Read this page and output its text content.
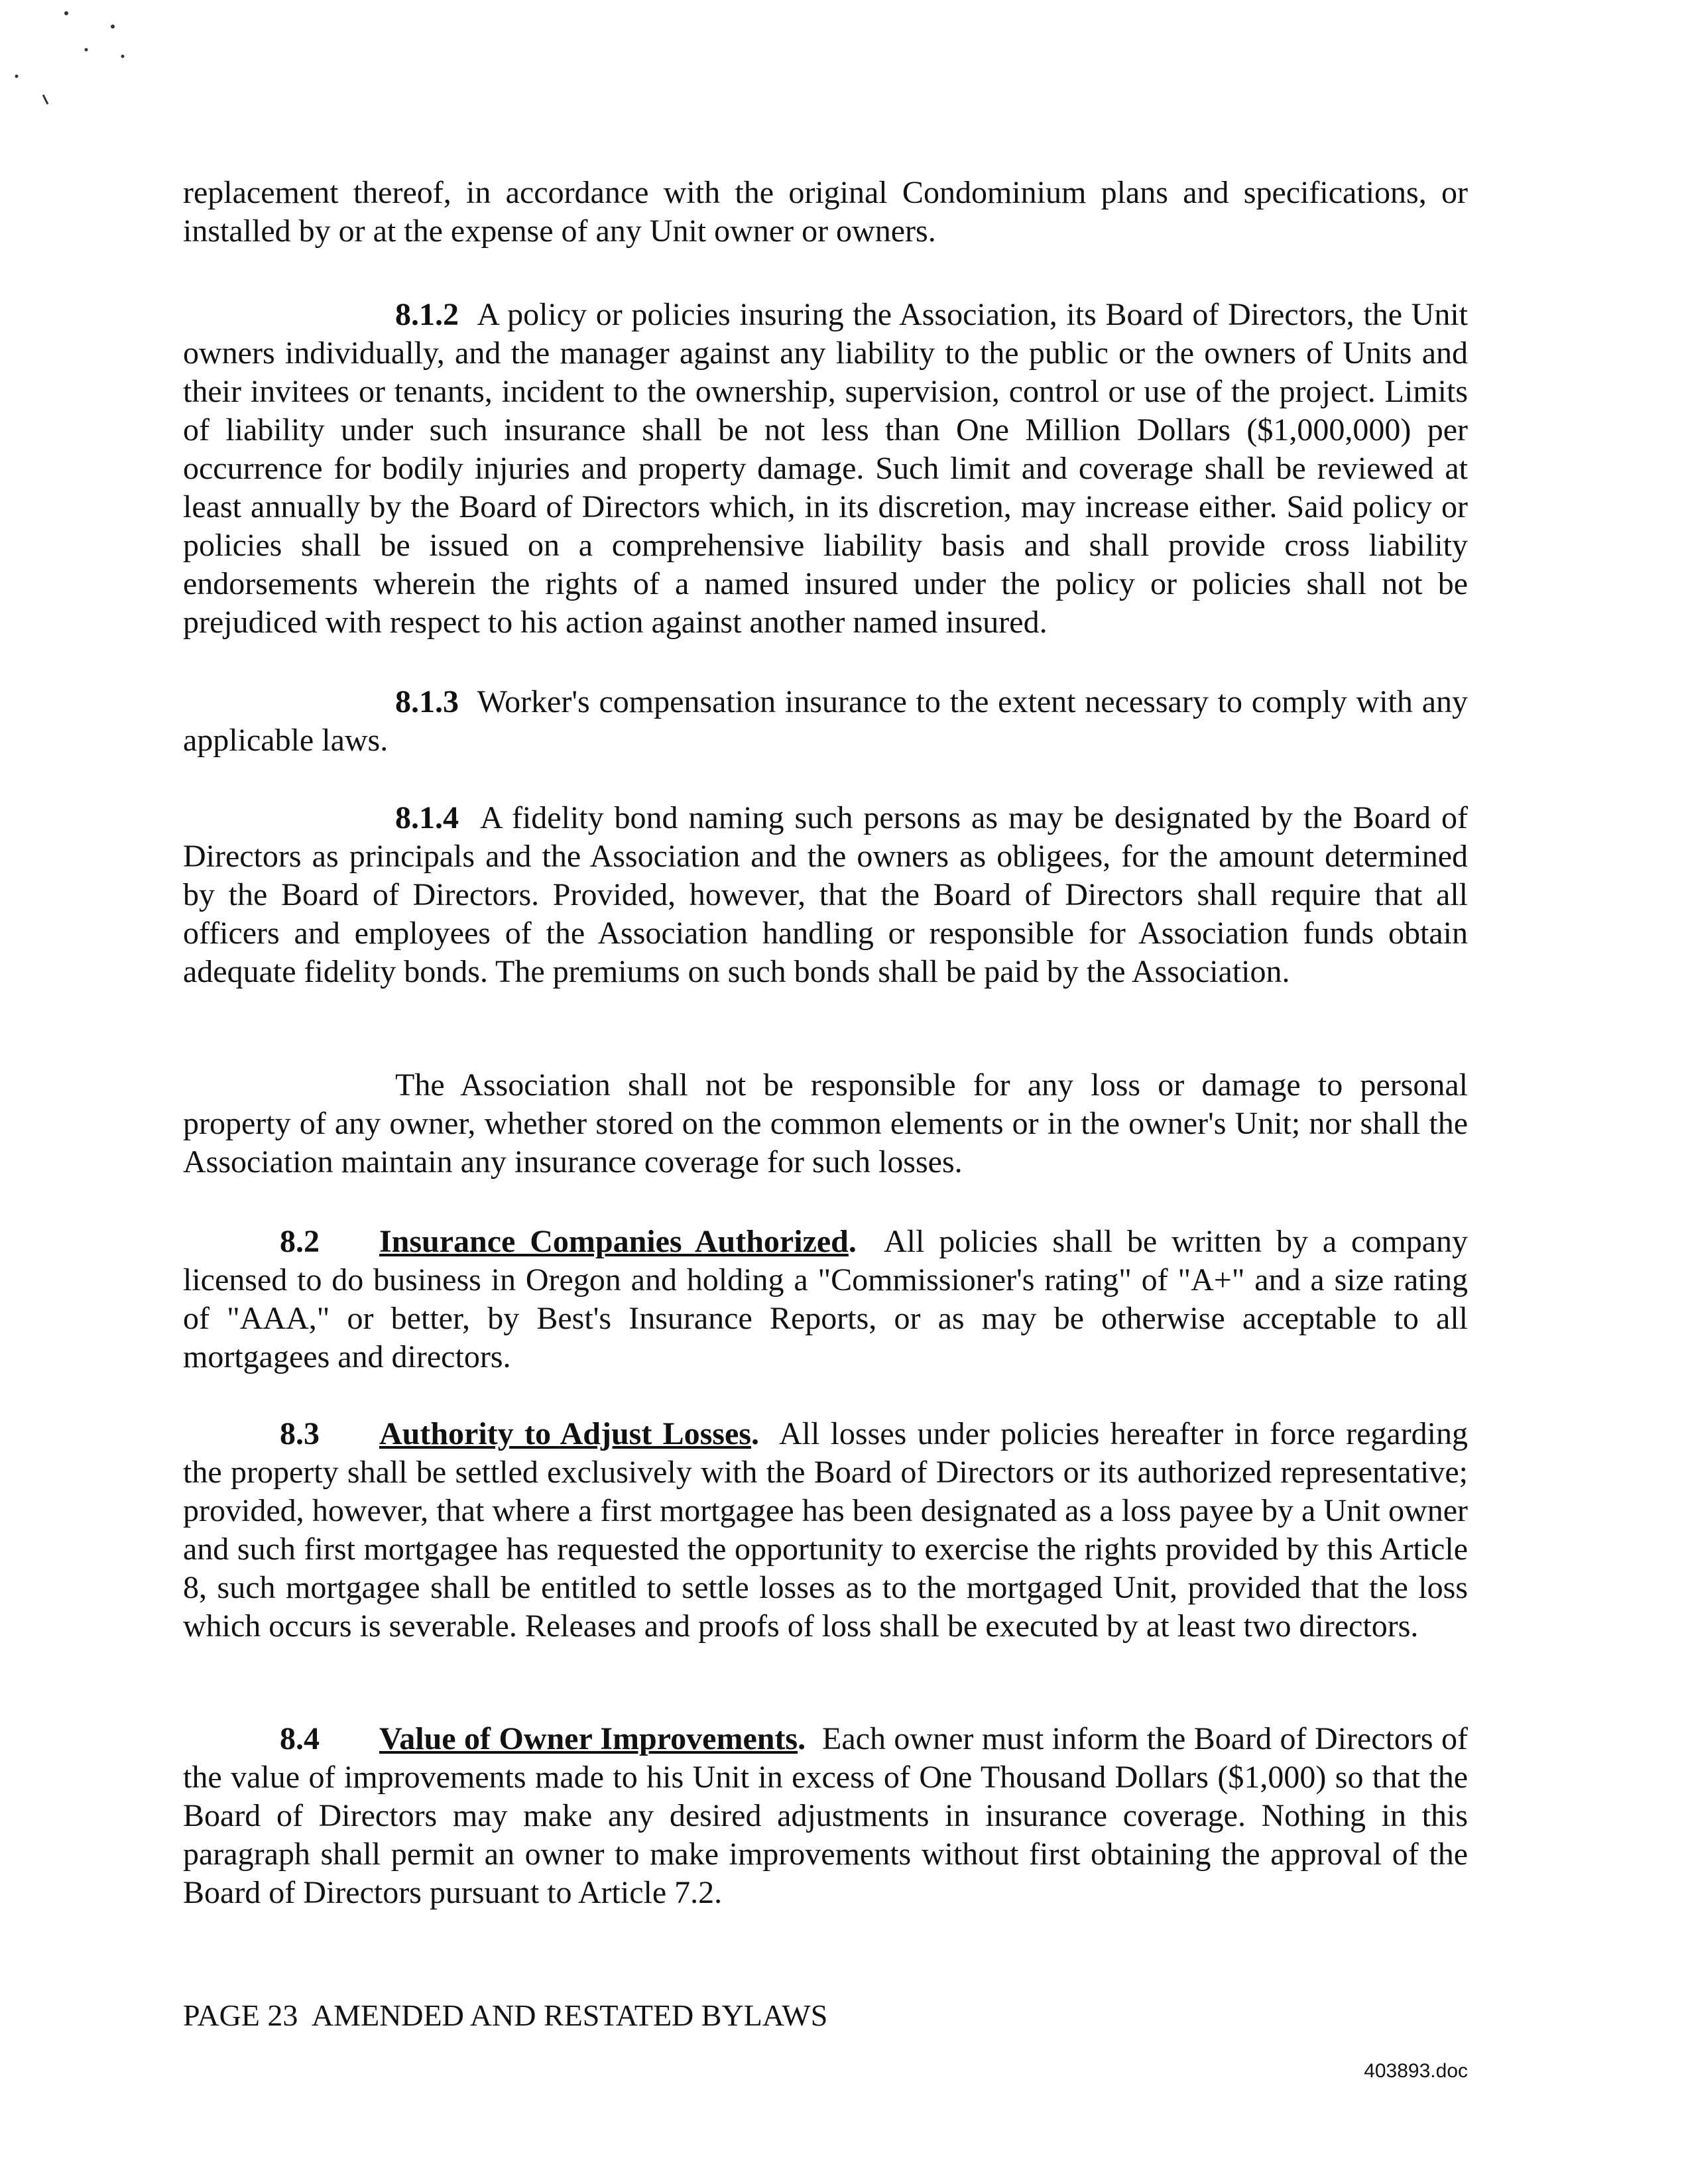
replacement thereof, in accordance with the original Condominium plans and specifications, or installed by or at the expense of any Unit owner or owners.

8.1.2 A policy or policies insuring the Association, its Board of Directors, the Unit owners individually, and the manager against any liability to the public or the owners of Units and their invitees or tenants, incident to the ownership, supervision, control or use of the project. Limits of liability under such insurance shall be not less than One Million Dollars ($1,000,000) per occurrence for bodily injuries and property damage. Such limit and coverage shall be reviewed at least annually by the Board of Directors which, in its discretion, may increase either. Said policy or policies shall be issued on a comprehensive liability basis and shall provide cross liability endorsements wherein the rights of a named insured under the policy or policies shall not be prejudiced with respect to his action against another named insured.

8.1.3 Worker's compensation insurance to the extent necessary to comply with any applicable laws.

8.1.4 A fidelity bond naming such persons as may be designated by the Board of Directors as principals and the Association and the owners as obligees, for the amount determined by the Board of Directors. Provided, however, that the Board of Directors shall require that all officers and employees of the Association handling or responsible for Association funds obtain adequate fidelity bonds. The premiums on such bonds shall be paid by the Association.

The Association shall not be responsible for any loss or damage to personal property of any owner, whether stored on the common elements or in the owner's Unit; nor shall the Association maintain any insurance coverage for such losses.

8.2 Insurance Companies Authorized. All policies shall be written by a company licensed to do business in Oregon and holding a "Commissioner's rating" of "A+" and a size rating of "AAA," or better, by Best's Insurance Reports, or as may be otherwise acceptable to all mortgagees and directors.

8.3 Authority to Adjust Losses. All losses under policies hereafter in force regarding the property shall be settled exclusively with the Board of Directors or its authorized representative; provided, however, that where a first mortgagee has been designated as a loss payee by a Unit owner and such first mortgagee has requested the opportunity to exercise the rights provided by this Article 8, such mortgagee shall be entitled to settle losses as to the mortgaged Unit, provided that the loss which occurs is severable. Releases and proofs of loss shall be executed by at least two directors.

8.4 Value of Owner Improvements. Each owner must inform the Board of Directors of the value of improvements made to his Unit in excess of One Thousand Dollars ($1,000) so that the Board of Directors may make any desired adjustments in insurance coverage. Nothing in this paragraph shall permit an owner to make improvements without first obtaining the approval of the Board of Directors pursuant to Article 7.2.

PAGE 23  AMENDED AND RESTATED BYLAWS
403893.doc
